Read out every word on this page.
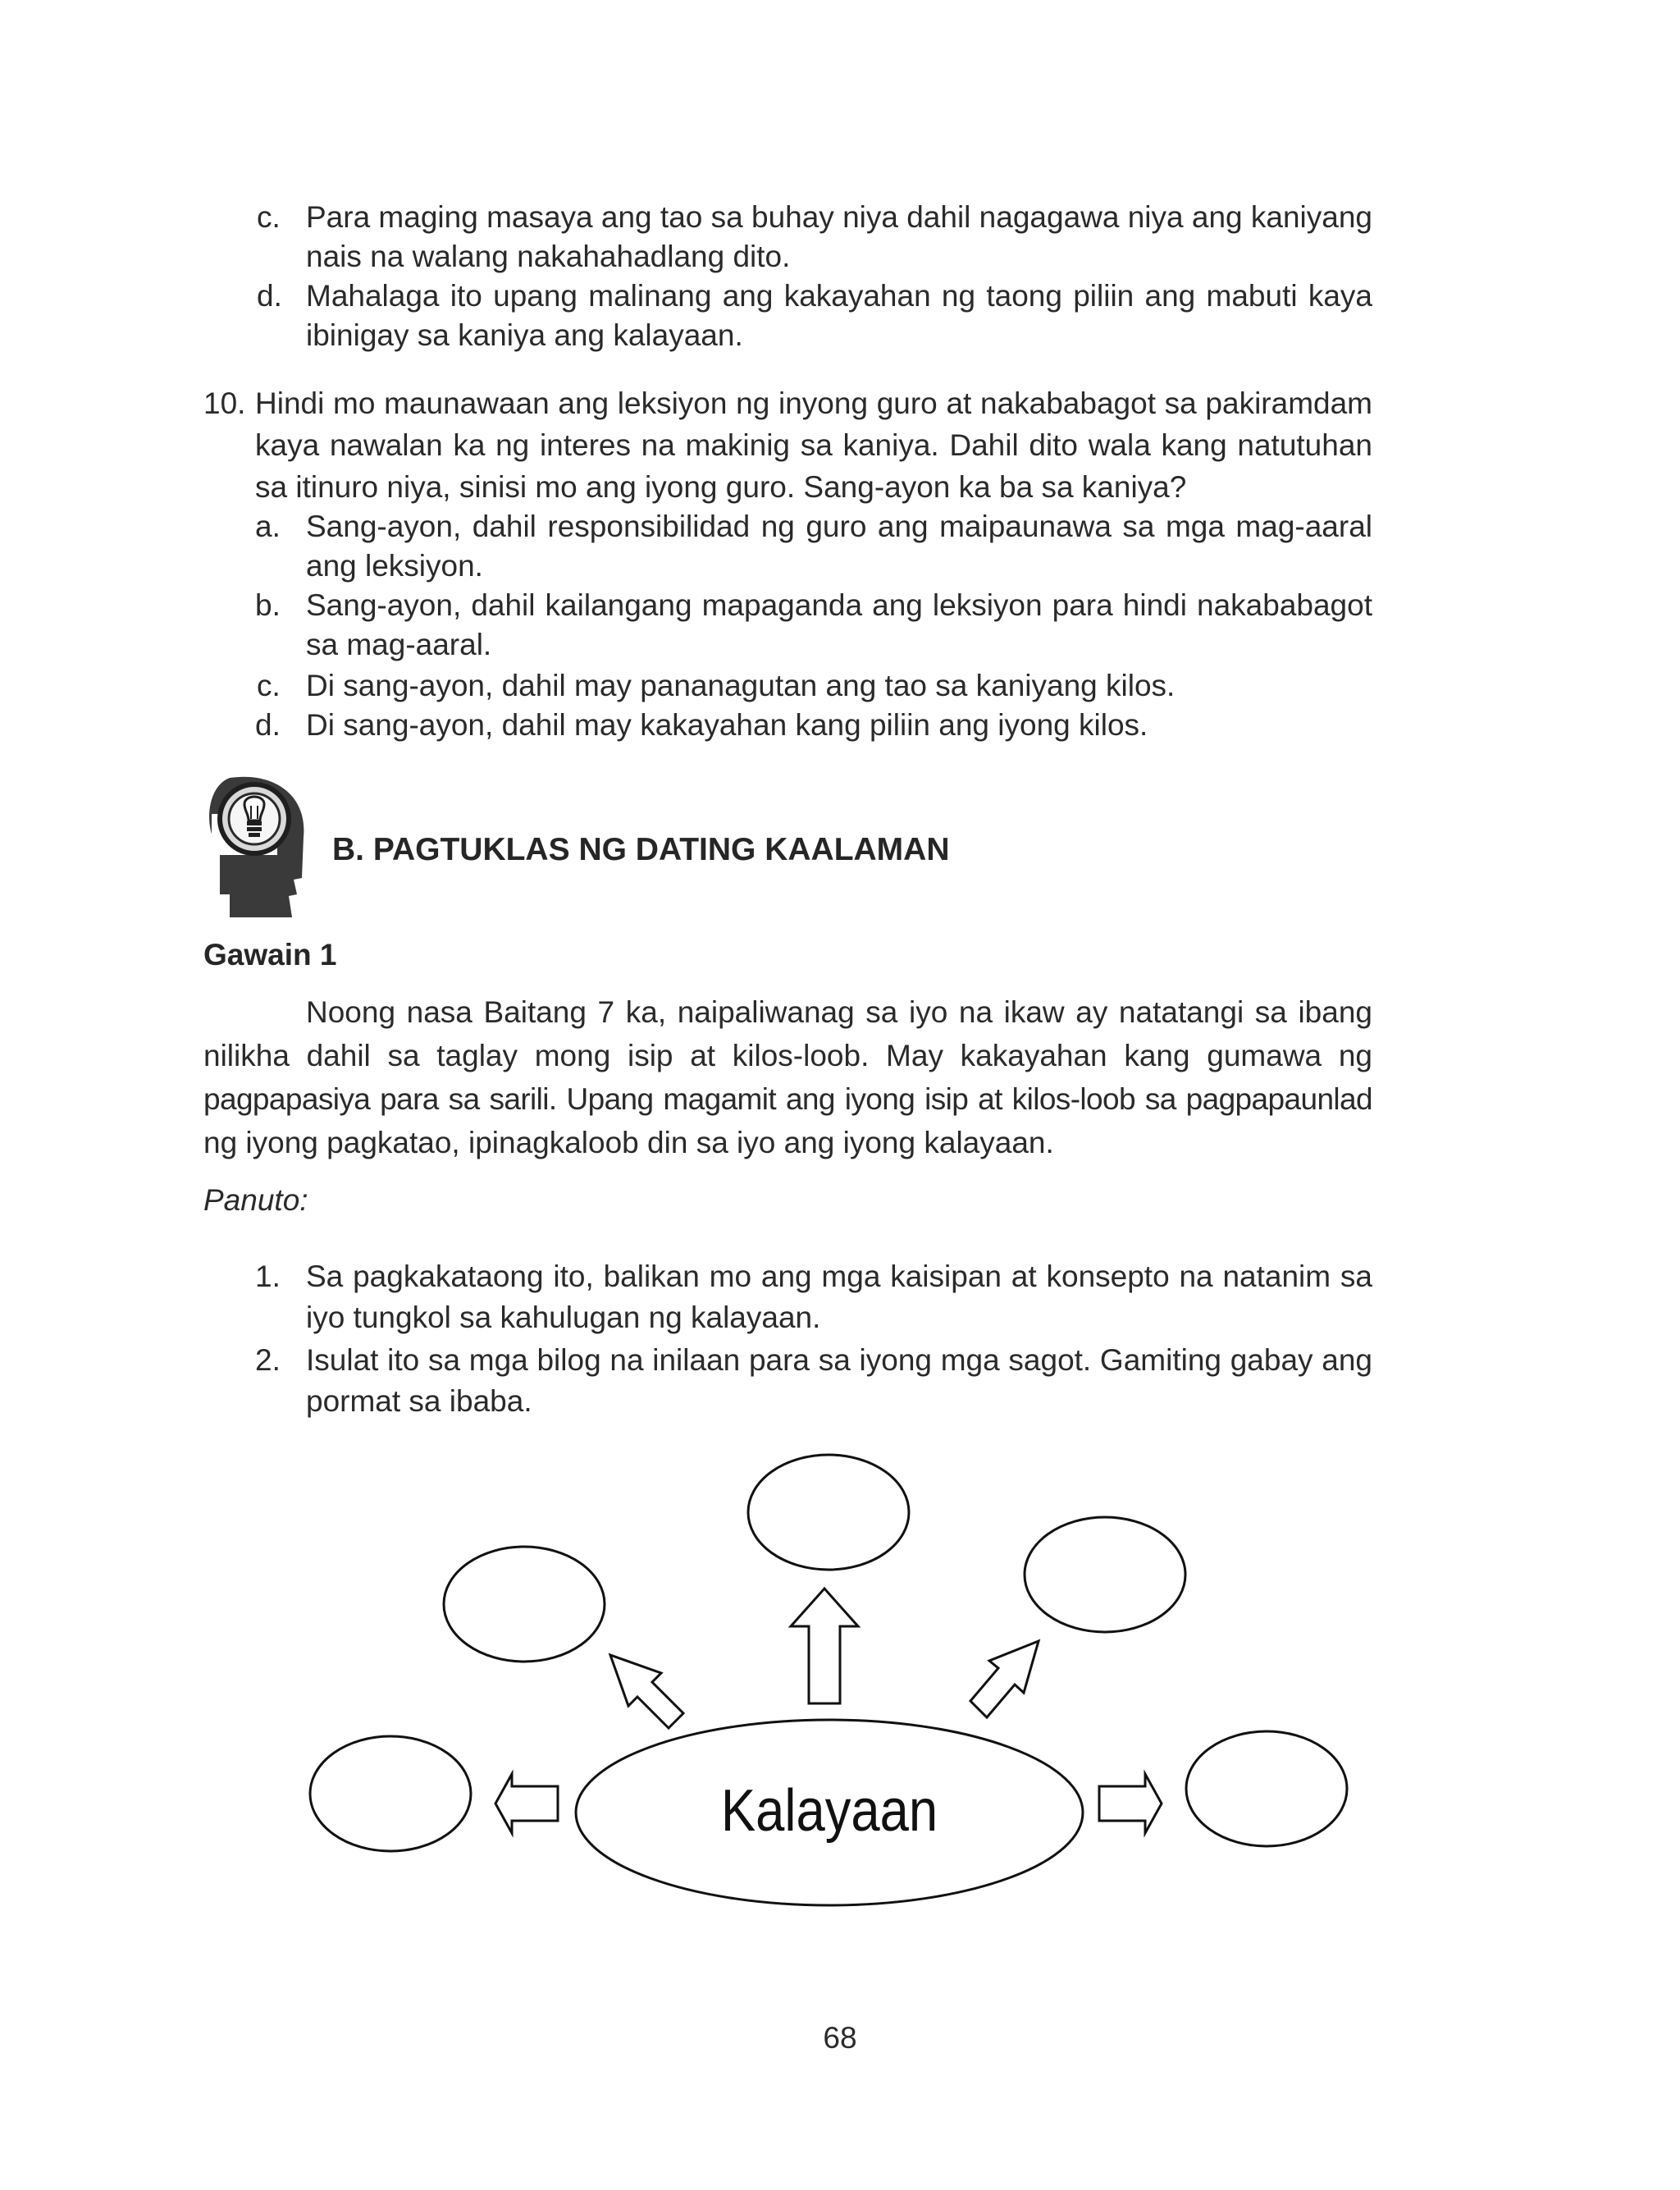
c. Para maging masaya ang tao sa buhay niya dahil nagagawa niya ang kaniyang
nais na walang nakahahadlang dito.
d. Mahalaga ito upang malinang ang kakayahan ng taong piliin ang mabuti kaya
ibinigay sa kaniya ang kalayaan.
10. Hindi mo maunawaan ang leksiyon ng inyong guro at nakababagot sa pakiramdam
kaya nawalan ka ng interes na makinig sa kaniya. Dahil dito wala kang natutuhan
sa itinuro niya, sinisi mo ang iyong guro. Sang-ayon ka ba sa kaniya?
a. Sang-ayon, dahil responsibilidad ng guro ang maipaunawa sa mga mag-aaral
ang leksiyon.
b. Sang-ayon, dahil kailangang mapaganda ang leksiyon para hindi nakababagot
sa mag-aaral.
c. Di sang-ayon, dahil may pananagutan ang tao sa kaniyang kilos.
d. Di sang-ayon, dahil may kakayahan kang piliin ang iyong kilos.
B. PAGTUKLAS NG DATING KAALAMAN
Gawain 1
Noong nasa Baitang 7 ka, naipaliwanag sa iyo na ikaw ay natatangi sa ibang
nilikha dahil sa taglay mong isip at kilos-loob. May kakayahan kang gumawa ng
pagpapasiya para sa sarili. Upang magamit ang iyong isip at kilos-loob sa pagpapaunlad
ng iyong pagkatao, ipinagkaloob din sa iyo ang iyong kalayaan.
Panuto:
1. Sa pagkakataong ito, balikan mo ang mga kaisipan at konsepto na natanim sa
iyo tungkol sa kahulugan ng kalayaan.
2. Isulat ito sa mga bilog na inilaan para sa iyong mga sagot. Gamiting gabay ang
pormat sa ibaba.
Kalayaan
68
